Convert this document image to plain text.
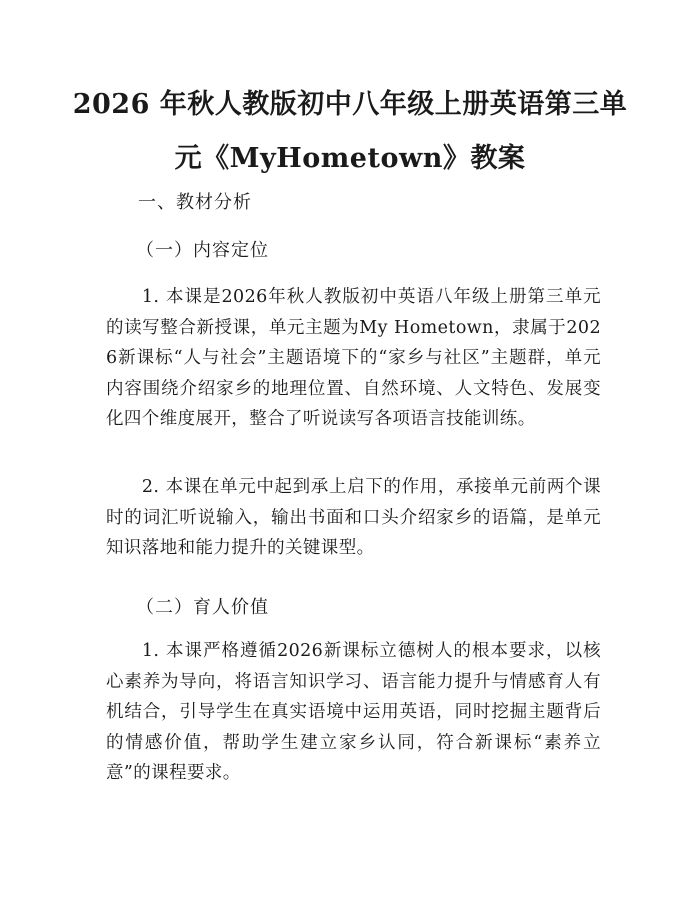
2026 年秋人教版初中八年级上册英语第三单
元《MyHometown》教案
一、教材分析
（一）内容定位
1. 本课是2026年秋人教版初中英语八年级上册第三单元的读写整合新授课，单元主题为My Hometown，隶属于2026新课标“人与社会”主题语境下的“家乡与社区”主题群，单元内容围绕介绍家乡的地理位置、自然环境、人文特色、发展变化四个维度展开，整合了听说读写各项语言技能训练。
2. 本课在单元中起到承上启下的作用，承接单元前两个课时的词汇听说输入，输出书面和口头介绍家乡的语篇，是单元知识落地和能力提升的关键课型。
（二）育人价值
1. 本课严格遵循2026新课标立德树人的根本要求，以核心素养为导向，将语言知识学习、语言能力提升与情感育人有机结合，引导学生在真实语境中运用英语，同时挖掘主题背后的情感价值，帮助学生建立家乡认同，符合新课标“素养立意”的课程要求。
